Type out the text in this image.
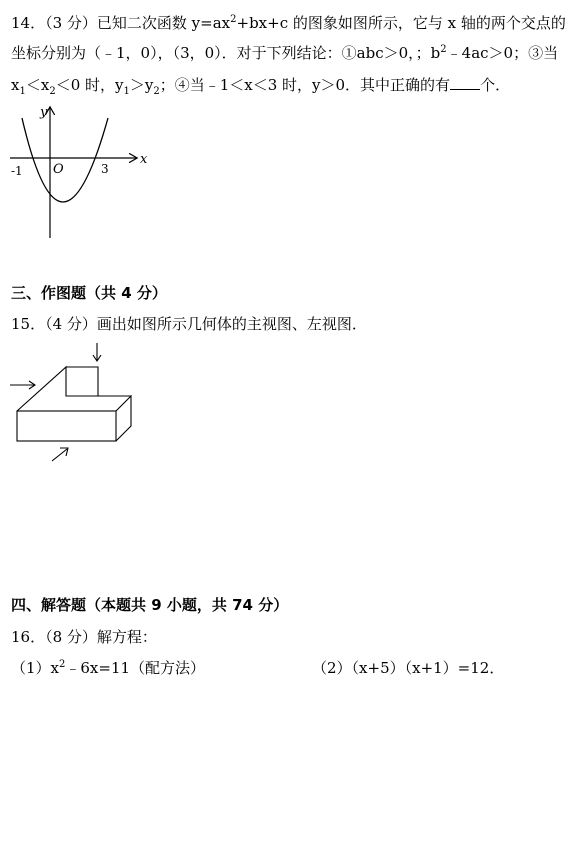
14．（3 分）已知二次函数 $y=ax^2+bx+c$ 的图象如图所示，它与 x 轴的两个交点的
坐标分别为（﹣1，0），（3，0）．对于下列结论：①abc＞0，；$b^2﹣4ac>0$；③当
$x_1<x_2<0$ 时，$y_1>y_2$；④当﹣1＜x＜3 时，y＞0．其中正确的有 个．
y
x
O
-1	3
三、作图题（共 4 分）
15．（4 分）画出如图所示几何体的主视图、左视图．
四、解答题（本题共 9 小题，共 74 分）
16．（8 分）解方程：
$(1)x^2﹣6x=11$（配方法）	（2）（x+5）（x+1）=12．
